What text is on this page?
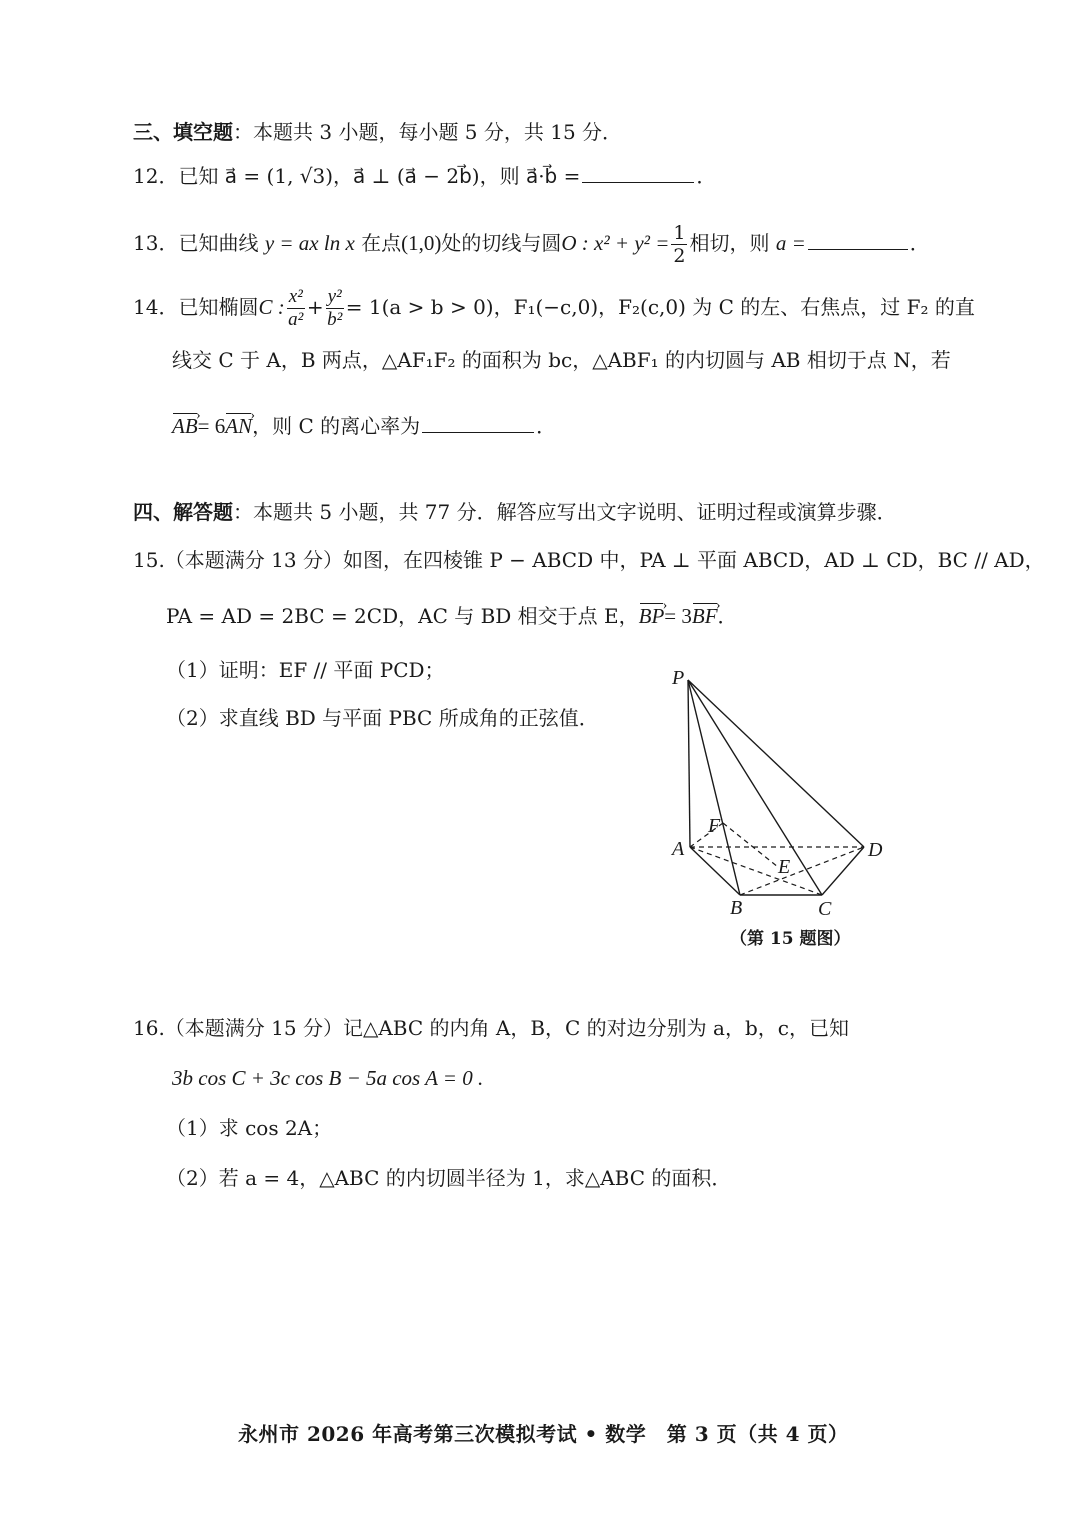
三、填空题：本题共 3 小题，每小题 5 分，共 15 分．
12．已知 a⃗ = (1, √3)，a⃗ ⊥ (a⃗ − 2b⃗)，则 a⃗·b⃗ =	．
13．已知曲线 y = ax ln x 在点(1,0)处的切线与圆O : $x^2 + y^2 = \frac{1}{2}$ 相切，则 a =	．
14．已知椭圆C : $\frac{\text{x²}}{\text{a²}} + \frac{\text{y²}}{\text{b²}} = 1(a > b > 0)$，F₁(−c,0)，F₂(c,0) 为 C 的左、右焦点，过 F₂ 的直
线交 C 于 A，B 两点，△AF₁F₂ 的面积为 bc，△ABF₁ 的内切圆与 AB 相切于点 N，若
AB ›= 6AN ›，则 C 的离心率为	．
四、解答题：本题共 5 小题，共 77 分．解答应写出文字说明、证明过程或演算步骤．
15.（本题满分 13 分）如图，在四棱锥 P − ABCD 中，PA ⊥ 平面 ABCD，AD ⊥ CD，BC // AD，
PA = AD = 2BC = 2CD，AC 与 BD 相交于点 E，BP ›= 3BF ›．
（1）证明：EF // 平面 PCD；
（2）求直线 BD 与平面 PBC 所成角的正弦值．
P
F
A	D
E
B	C
（第 15 题图）
16.（本题满分 15 分）记△ABC 的内角 A，B，C 的对边分别为 a，b，c，已知
3b cos C + 3c cos B − 5a cos A = 0 .
（1）求 cos 2A；
（2）若 a = 4，△ABC 的内切圆半径为 1，求△ABC 的面积．
永州市 2026 年高考第三次模拟考试 • 数学　第 3 页（共 4 页）
